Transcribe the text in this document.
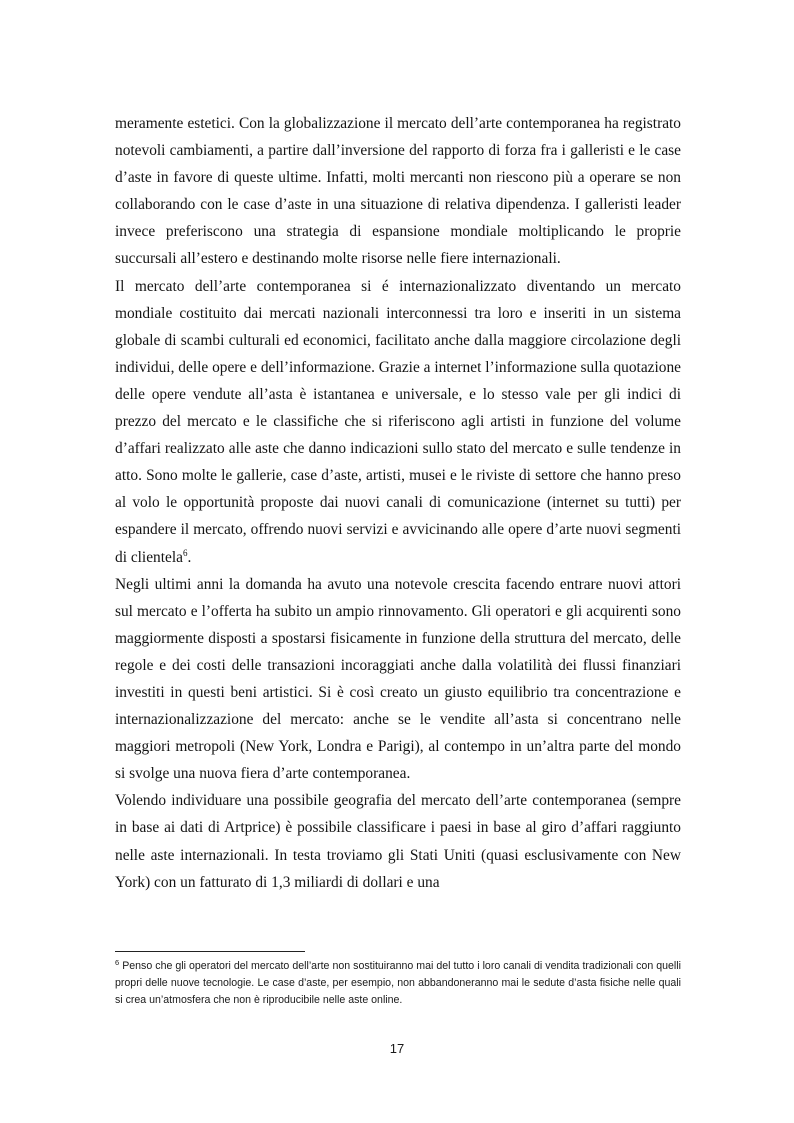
meramente estetici. Con la globalizzazione il mercato dell’arte contemporanea ha registrato notevoli cambiamenti, a partire dall’inversione del rapporto di forza fra i galleristi e le case d’aste in favore di queste ultime. Infatti, molti mercanti non riescono più a operare se non collaborando con le case d’aste in una situazione di relativa dipendenza. I galleristi leader invece preferiscono una strategia di espansione mondiale moltiplicando le proprie succursali all’estero e destinando molte risorse nelle fiere internazionali.

Il mercato dell’arte contemporanea si é internazionalizzato diventando un mercato mondiale costituito dai mercati nazionali interconnessi tra loro e inseriti in un sistema globale di scambi culturali ed economici, facilitato anche dalla maggiore circolazione degli individui, delle opere e dell’informazione. Grazie a internet l’informazione sulla quotazione delle opere vendute all’asta è istantanea e universale, e lo stesso vale per gli indici di prezzo del mercato e le classifiche che si riferiscono agli artisti in funzione del volume d’affari realizzato alle aste che danno indicazioni sullo stato del mercato e sulle tendenze in atto. Sono molte le gallerie, case d’aste, artisti, musei e le riviste di settore che hanno preso al volo le opportunità proposte dai nuovi canali di comunicazione (internet su tutti) per espandere il mercato, offrendo nuovi servizi e avvicinando alle opere d’arte nuovi segmenti di clientela$^6$.

Negli ultimi anni la domanda ha avuto una notevole crescita facendo entrare nuovi attori sul mercato e l’offerta ha subito un ampio rinnovamento. Gli operatori e gli acquirenti sono maggiormente disposti a spostarsi fisicamente in funzione della struttura del mercato, delle regole e dei costi delle transazioni incoraggiati anche dalla volatilità dei flussi finanziari investiti in questi beni artistici. Si è così creato un giusto equilibrio tra concentrazione e internazionalizzazione del mercato: anche se le vendite all’asta si concentrano nelle maggiori metropoli (New York, Londra e Parigi), al contempo in un’altra parte del mondo si svolge una nuova fiera d’arte contemporanea.

Volendo individuare una possibile geografia del mercato dell’arte contemporanea (sempre in base ai dati di Artprice) è possibile classificare i paesi in base al giro d’affari raggiunto nelle aste internazionali. In testa troviamo gli Stati Uniti (quasi esclusivamente con New York) con un fatturato di 1,3 miliardi di dollari e una

$^6$ Penso che gli operatori del mercato dell’arte non sostituiranno mai del tutto i loro canali di vendita tradizionali con quelli propri delle nuove tecnologie. Le case d’aste, per esempio, non abbandoneranno mai le sedute d’asta fisiche nelle quali si crea un’atmosfera che non è riproducibile nelle aste online.
17
